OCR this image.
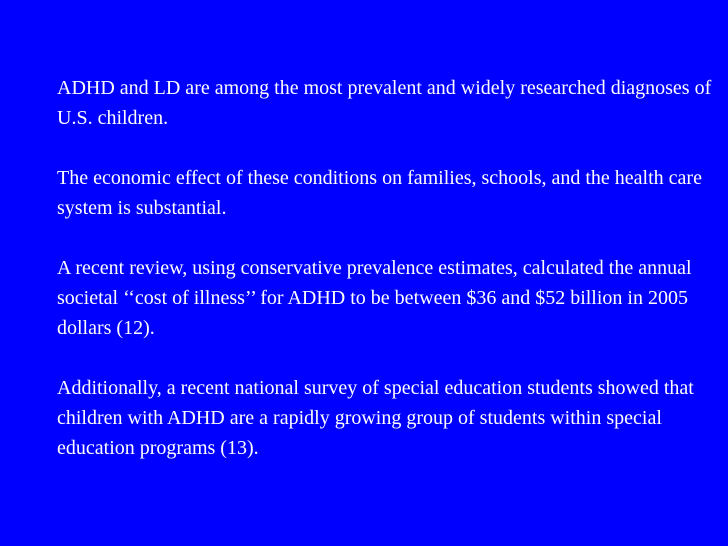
ADHD and LD are among the most prevalent and widely researched diagnoses of U.S. children.

The economic effect of these conditions on families, schools, and the health care system is substantial.

A recent review, using conservative prevalence estimates, calculated the annual societal ‘‘cost of illness’’ for ADHD to be between $36 and $52 billion in 2005 dollars (12).

Additionally, a recent national survey of special education students showed that children with ADHD are a rapidly growing group of students within special education programs (13).
